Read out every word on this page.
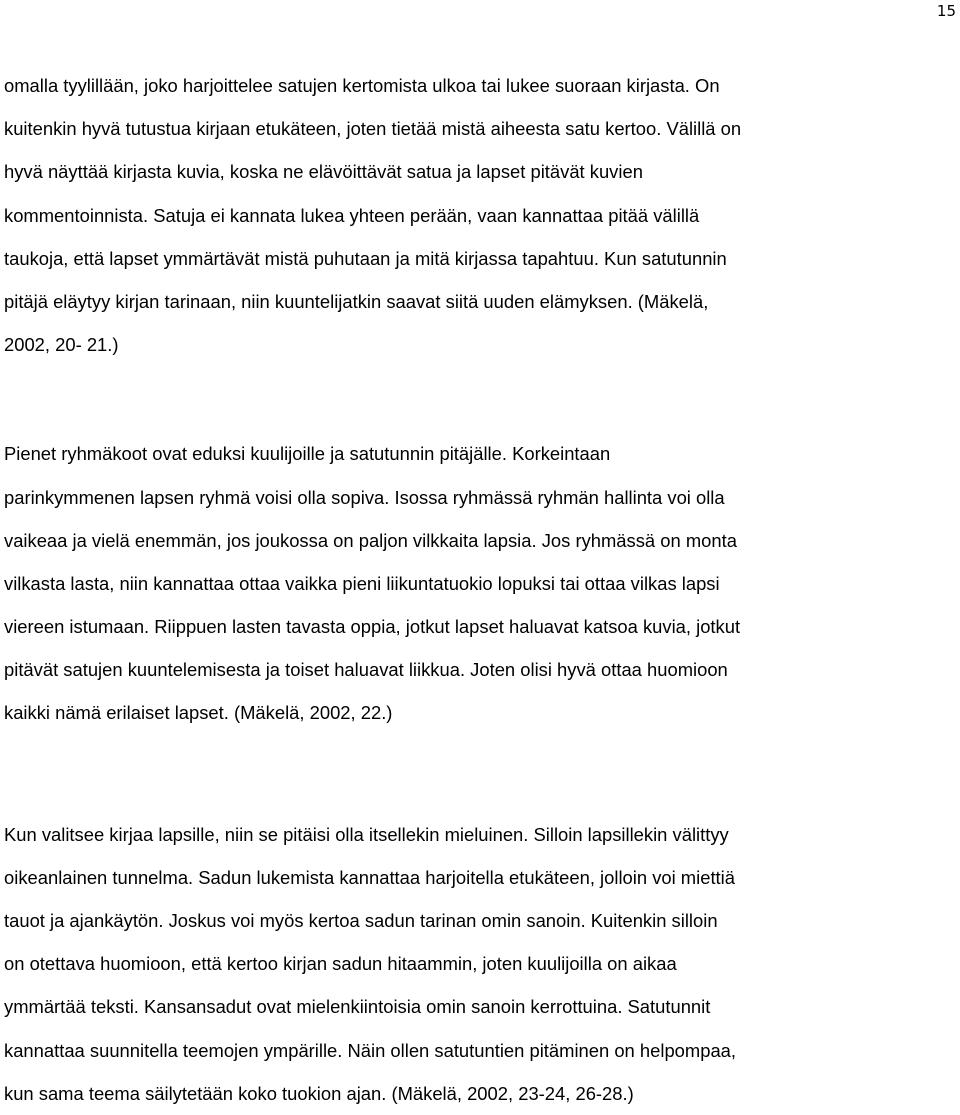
15

omalla tyylillään, joko harjoittelee satujen kertomista ulkoa tai lukee suoraan kirjasta. On
kuitenkin hyvä tutustua kirjaan etukäteen, joten tietää mistä aiheesta satu kertoo. Välillä on
hyvä näyttää kirjasta kuvia, koska ne elävöittävät satua ja lapset pitävät kuvien
kommentoinnista. Satuja ei kannata lukea yhteen perään, vaan kannattaa pitää välillä
taukoja, että lapset ymmärtävät mistä puhutaan ja mitä kirjassa tapahtuu. Kun satutunnin
pitäjä eläytyy kirjan tarinaan, niin kuuntelijatkin saavat siitä uuden elämyksen. (Mäkelä,
2002, 20- 21.)

Pienet ryhmäkoot ovat eduksi kuulijoille ja satutunnin pitäjälle. Korkeintaan
parinkymmenen lapsen ryhmä voisi olla sopiva. Isossa ryhmässä ryhmän hallinta voi olla
vaikeaa ja vielä enemmän, jos joukossa on paljon vilkkaita lapsia. Jos ryhmässä on monta
vilkasta lasta, niin kannattaa ottaa vaikka pieni liikuntatuokio lopuksi tai ottaa vilkas lapsi
viereen istumaan. Riippuen lasten tavasta oppia, jotkut lapset haluavat katsoa kuvia, jotkut
pitävät satujen kuuntelemisesta ja toiset haluavat liikkua. Joten olisi hyvä ottaa huomioon
kaikki nämä erilaiset lapset. (Mäkelä, 2002, 22.)

Kun valitsee kirjaa lapsille, niin se pitäisi olla itsellekin mieluinen. Silloin lapsillekin välittyy
oikeanlainen tunnelma. Sadun lukemista kannattaa harjoitella etukäteen, jolloin voi miettiä
tauot ja ajankäytön. Joskus voi myös kertoa sadun tarinan omin sanoin. Kuitenkin silloin
on otettava huomioon, että kertoo kirjan sadun hitaammin, joten kuulijoilla on aikaa
ymmärtää teksti. Kansansadut ovat mielenkiintoisia omin sanoin kerrottuina. Satutunnit
kannattaa suunnitella teemojen ympärille. Näin ollen satutuntien pitäminen on helpompaa,
kun sama teema säilytetään koko tuokion ajan. (Mäkelä, 2002, 23-24, 26-28.)
